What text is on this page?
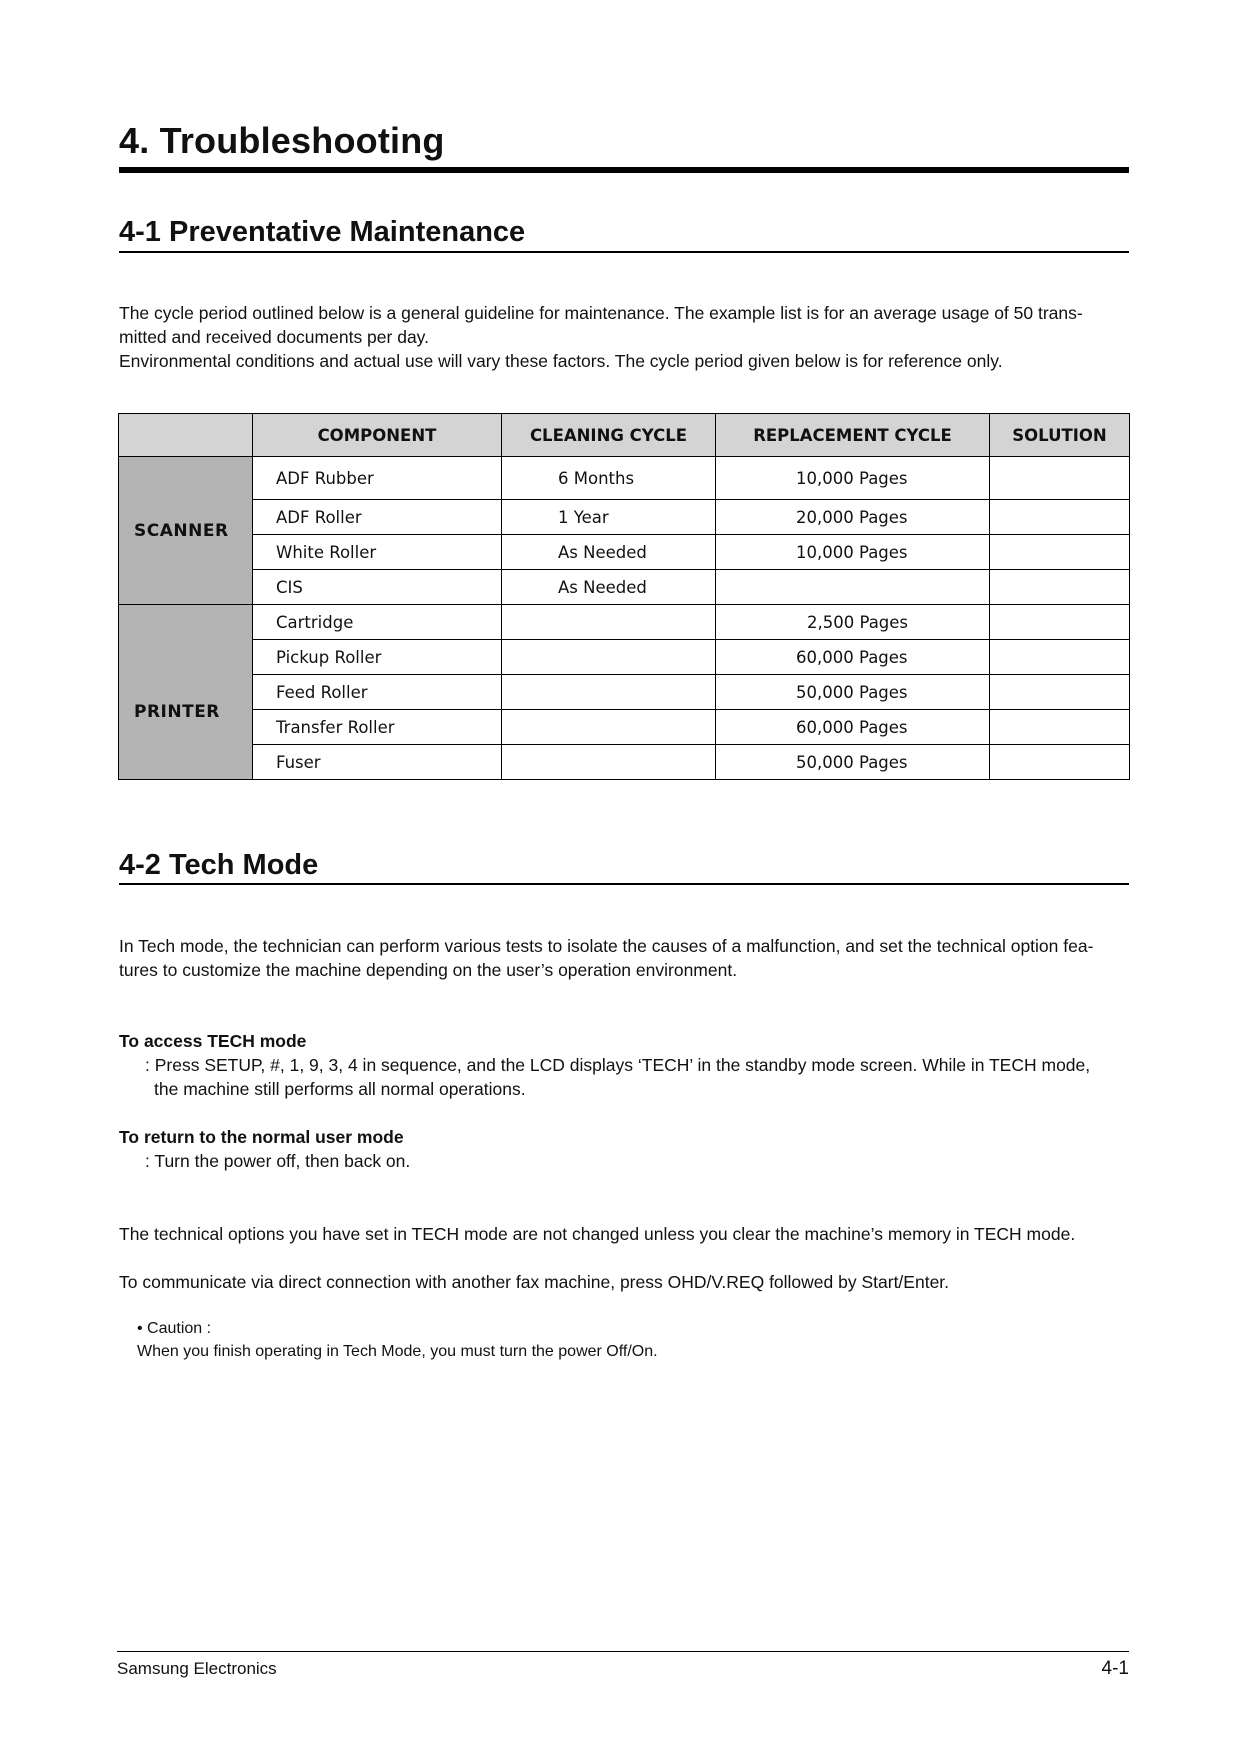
4. Troubleshooting
4-1 Preventative Maintenance
The cycle period outlined below is a general guideline for maintenance. The example list is for an average usage of 50 trans-
mitted and received documents per day.
Environmental conditions and actual use will vary these factors. The cycle period given below is for reference only.
	COMPONENT	CLEANING CYCLE	REPLACEMENT CYCLE	SOLUTION
SCANNER	ADF Rubber	6 Months	10,000 Pages	
	ADF Roller	1 Year	20,000 Pages	
	White Roller	As Needed	10,000 Pages	
	CIS	As Needed		
PRINTER	Cartridge		2,500 Pages	
	Pickup Roller		60,000 Pages	
	Feed Roller		50,000 Pages	
	Transfer Roller		60,000 Pages	
	Fuser		50,000 Pages	
4-2 Tech Mode
In Tech mode, the technician can perform various tests to isolate the causes of a malfunction, and set the technical option fea-
tures to customize the machine depending on the user’s operation environment.
To access TECH mode
: Press SETUP, #, 1, 9, 3, 4 in sequence, and the LCD displays ‘TECH’ in the standby mode screen. While in TECH mode,
the machine still performs all normal operations.
To return to the normal user mode
: Turn the power off, then back on.
The technical options you have set in TECH mode are not changed unless you clear the machine’s memory in TECH mode.
To communicate via direct connection with another fax machine, press OHD/V.REQ followed by Start/Enter.
• Caution :
When you finish operating in Tech Mode, you must turn the power Off/On.
Samsung Electronics	4-1
